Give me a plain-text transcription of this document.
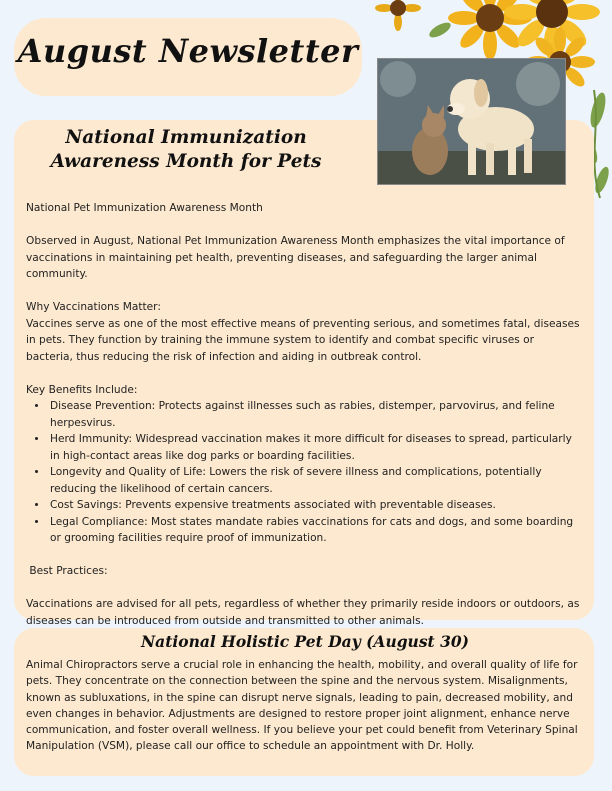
August Newsletter
National Immunization
Awareness Month for Pets

National Pet Immunization Awareness Month

Observed in August, National Pet Immunization Awareness Month emphasizes the vital importance of vaccinations in maintaining pet health, preventing diseases, and safeguarding the larger animal community.

Why Vaccinations Matter:

Vaccines serve as one of the most effective means of preventing serious, and sometimes fatal, diseases in pets. They function by training the immune system to identify and combat specific viruses or bacteria, thus reducing the risk of infection and aiding in outbreak control.

Key Benefits Include:

• Disease Prevention: Protects against illnesses such as rabies, distemper, parvovirus, and feline herpesvirus.
• Herd Immunity: Widespread vaccination makes it more difficult for diseases to spread, particularly in high-contact areas like dog parks or boarding facilities.
• Longevity and Quality of Life: Lowers the risk of severe illness and complications, potentially reducing the likelihood of certain cancers.
• Cost Savings: Prevents expensive treatments associated with preventable diseases.
• Legal Compliance: Most states mandate rabies vaccinations for cats and dogs, and some boarding or grooming facilities require proof of immunization.

Best Practices:

Vaccinations are advised for all pets, regardless of whether they primarily reside indoors or outdoors, as diseases can be introduced from outside and transmitted to other animals.

National Holistic Pet Day (August 30)

Animal Chiropractors serve a crucial role in enhancing the health, mobility, and overall quality of life for pets. They concentrate on the connection between the spine and the nervous system. Misalignments, known as subluxations, in the spine can disrupt nerve signals, leading to pain, decreased mobility, and even changes in behavior. Adjustments are designed to restore proper joint alignment, enhance nerve communication, and foster overall wellness. If you believe your pet could benefit from Veterinary Spinal Manipulation (VSM), please call our office to schedule an appointment with Dr. Holly.
